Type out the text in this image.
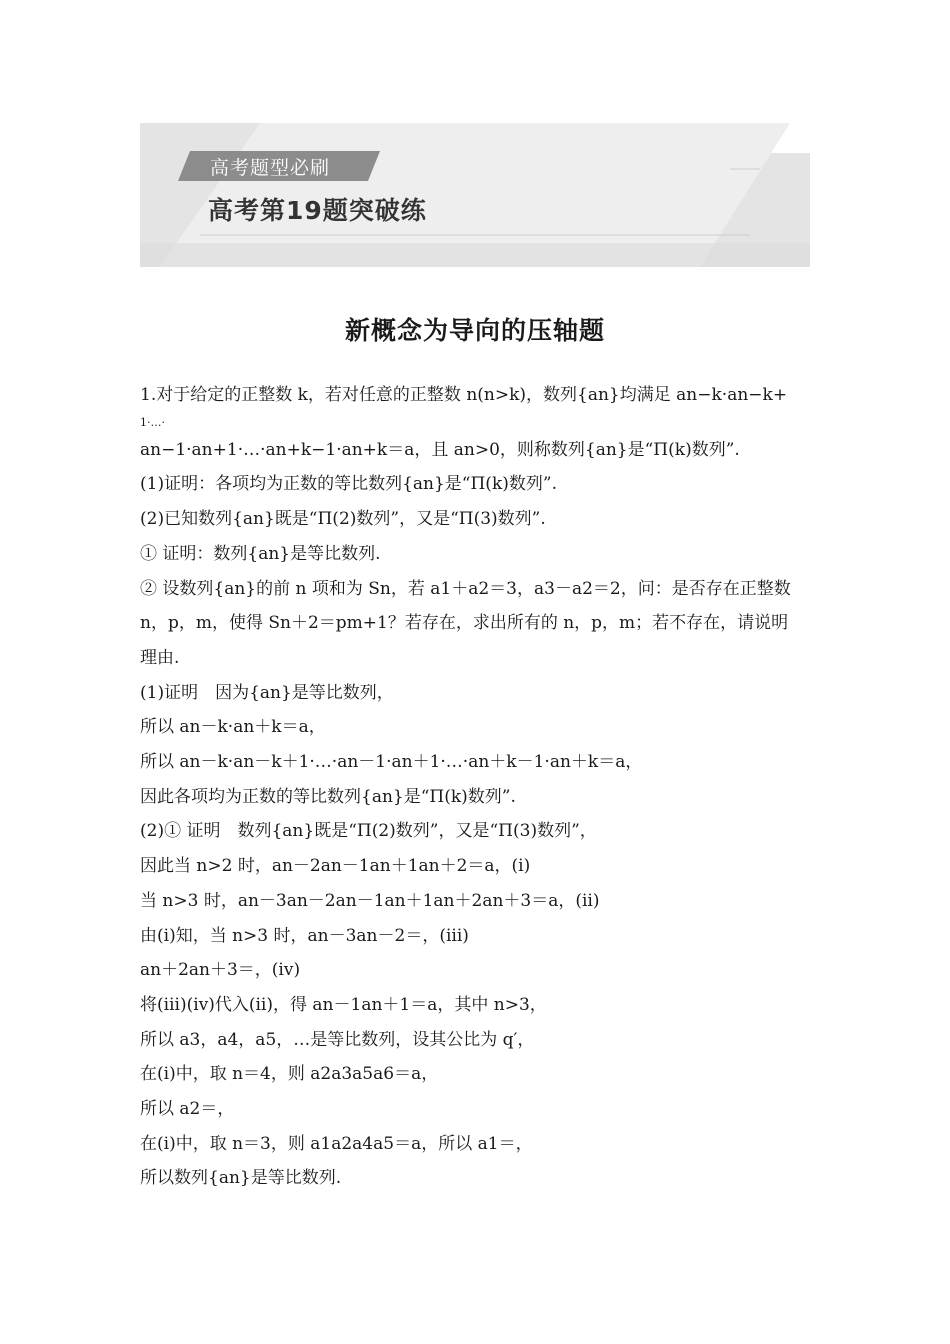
高考题型必刷
高考第19题突破练
新概念为导向的压轴题
1.对于给定的正整数 k，若对任意的正整数 n(n>k)，数列{an}均满足 an−k·an−k+
1·…·
an−1·an+1·…·an+k−1·an+k＝a，且 an>0，则称数列{an}是“Π(k)数列”.
(1)证明：各项均为正数的等比数列{an}是“Π(k)数列”.
(2)已知数列{an}既是“Π(2)数列”，又是“Π(3)数列”.
① 证明：数列{an}是等比数列.
② 设数列{an}的前 n 项和为 Sn，若 a1＋a2＝3，a3－a2＝2，问：是否存在正整数
n，p，m，使得 Sn＋2＝pm+1？若存在，求出所有的 n，p，m；若不存在，请说明
理由.
(1)证明　因为{an}是等比数列，
所以 an－k·an＋k＝a，
所以 an－k·an－k＋1·…·an－1·an＋1·…·an＋k－1·an＋k＝a，
因此各项均为正数的等比数列{an}是“Π(k)数列”.
(2)① 证明　数列{an}既是“Π(2)数列”，又是“Π(3)数列”，
因此当 n>2 时，an－2an－1an＋1an＋2＝a，(ⅰ)
当 n>3 时，an－3an－2an－1an＋1an＋2an＋3＝a，(ⅱ)
由(ⅰ)知，当 n>3 时，an－3an－2＝，(ⅲ)
an＋2an＋3＝，(ⅳ)
将(ⅲ)(ⅳ)代入(ⅱ)，得 an－1an＋1＝a，其中 n>3，
所以 a3，a4，a5，…是等比数列，设其公比为 q′，
在(ⅰ)中，取 n＝4，则 a2a3a5a6＝a，
所以 a2＝，
在(ⅰ)中，取 n＝3，则 a1a2a4a5＝a，所以 a1＝，
所以数列{an}是等比数列.
